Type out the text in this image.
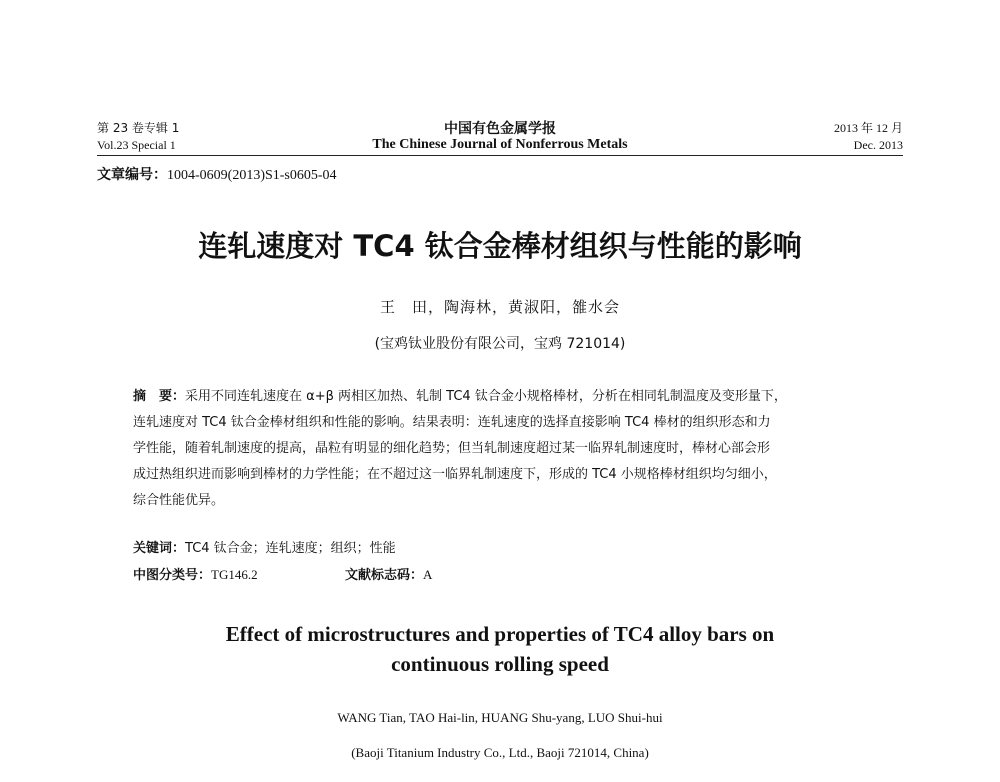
第 23 卷专辑 1
Vol.23 Special 1
中国有色金属学报
The Chinese Journal of Nonferrous Metals
2013 年 12 月
Dec. 2013
文章编号：1004-0609(2013)S1-s0605-04
连轧速度对 TC4 钛合金棒材组织与性能的影响
王　田，陶海林，黄淑阳，雒水会
(宝鸡钛业股份有限公司，宝鸡 721014)
摘　要：采用不同连轧速度在 α+β 两相区加热、轧制 TC4 钛合金小规格棒材，分析在相同轧制温度及变形量下，
连轧速度对 TC4 钛合金棒材组织和性能的影响。结果表明：连轧速度的选择直接影响 TC4 棒材的组织形态和力
学性能，随着轧制速度的提高，晶粒有明显的细化趋势；但当轧制速度超过某一临界轧制速度时，棒材心部会形
成过热组织进而影响到棒材的力学性能；在不超过这一临界轧制速度下，形成的 TC4 小规格棒材组织均匀细小，
综合性能优异。
关键词：TC4 钛合金；连轧速度；组织；性能
中图分类号：TG146.2	文献标志码：A
Effect of microstructures and properties of TC4 alloy bars on
continuous rolling speed
WANG Tian, TAO Hai-lin, HUANG Shu-yang, LUO Shui-hui
(Baoji Titanium Industry Co., Ltd., Baoji 721014, China)
